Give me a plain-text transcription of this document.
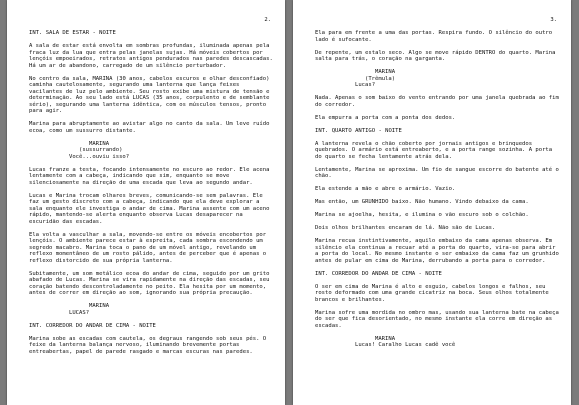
2.
INT. SALA DE ESTAR - NOITE
A sala de estar está envolta em sombras profundas, iluminada apenas pela fraca luz da lua que entra pelas janelas sujas. Há móveis cobertos por lençóis empoeirados, retratos antigos pendurados nas paredes descascadas. Há um ar de abandono, carregado de um silêncio perturbador.
No centro da sala, MARINA (30 anos, cabelos escuros e olhar desconfiado) caminha cautelosamente, segurando uma lanterna que lança feixes vacilantes de luz pelo ambiente. Seu rosto exibe uma mistura de tensão e determinação. Ao seu lado está LUCAS (35 anos, corpulento e de semblante sério), segurando uma lanterna idêntica, com os músculos tensos, pronto para agir.
Marina para abruptamente ao avistar algo no canto da sala. Um leve ruído ecoa, como um sussurro distante.
MARINA
(sussurrando)
Você...ouviu isso?
Lucas franze a testa, focando intensamente no escuro ao redor. Ele acena lentamente com a cabeça, indicando que sim, enquanto se move silenciosamente na direção de uma escada que leva ao segundo andar.
Lucas e Marina trocam olhares breves, comunicando-se sem palavras. Ele faz um gesto discreto com a cabeça, indicando que ela deve explorar a sala enquanto ele investiga o andar de cima. Marina assente com um aceno rápido, mantendo-se alerta enquanto observa Lucas desaparecer na escuridão das escadas.
Ela volta a vasculhar a sala, movendo-se entre os móveis encobertos por lençóis. O ambiente parece estar à espreita, cada sombra escondendo um segredo macabro. Marina toca o pano de um móvel antigo, revelando um reflexo momentâneo de um rosto pálido, antes de perceber que é apenas o reflexo distorcido de sua própria lanterna.
Subitamente, um som metálico ecoa do andar de cima, seguido por um grito abafado de Lucas. Marina se vira rapidamente na direção das escadas, seu coração batendo descontroladamente no peito. Ela hesita por um momento, antes de correr em direção ao som, ignorando sua própria precaução.
MARINA
LUCAS?
INT. CORREDOR DO ANDAR DE CIMA - NOITE
Marina sobe as escadas com cautela, os degraus rangendo sob seus pés. O feixe da lanterna balança nervoso, iluminando brevemente portas entreabertas, papel de parede rasgado e marcas escuras nas paredes.
3.
Ela para em frente a uma das portas. Respira fundo. O silêncio do outro lado é sufocante.
De repente, um estalo seco. Algo se move rápido DENTRO do quarto. Marina salta para trás, o coração na garganta.
MARINA
(Trêmula)
Lucas?
Nada. Apenas o som baixo do vento entrando por uma janela quebrada ao fim do corredor.
Ela empurra a porta com a ponta dos dedos.
INT. QUARTO ANTIGO - NOITE
A lanterna revela o chão coberto por jornais antigos e brinquedos quebrados. O armário está entreaberto, e a porta range sozinha. A porta do quarto se fecha lentamente atrás dela.
Lentamente, Marina se aproxima. Um fio de sangue escorre do batente até o chão.
Ela estende a mão e abre o armário. Vazio.
Mas então, um GRUNHIDO baixo. Não humano. Vindo debaixo da cama.
Marina se ajoelha, hesita, e ilumina o vão escuro sob o colchão.
Dois olhos brilhantes encaram de lá. Não são de Lucas.
Marina recua instintivamente, aquilo embaixo da cama apenas observa. Em silêncio ela continua a recuar até a porta do quarto, vira-se para abrir a porta do local. No mesmo instante o ser embaixo da cama faz um grunhido antes de pular em cima de Marina, derrubando a porta para o corredor.
INT. CORREDOR DO ANDAR DE CIMA - NOITE
O ser em cima de Marina é alto e esguio, cabelos longos e falhos, seu rosto deformado com uma grande cicatriz na boca. Seus olhos totalmente brancos e brilhantes.
Marina sofre uma mordida no ombro mas, usando sua lanterna bate na cabeça do ser que fica desorientado, no mesmo instante ela corre em direção as escadas.
MARINA
Lucas! Caralho Lucas cadê você
